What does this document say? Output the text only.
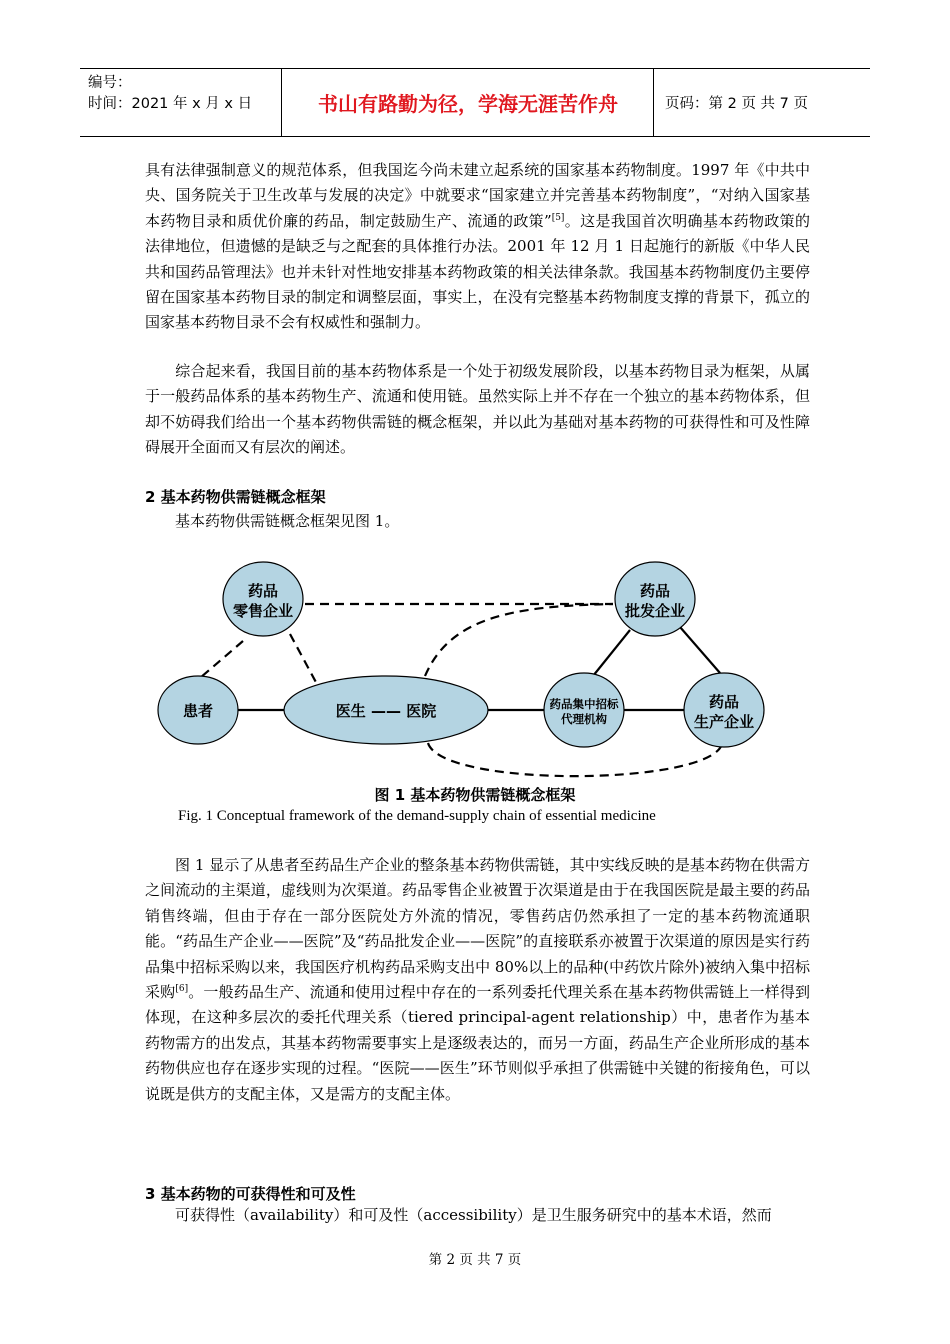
编号：
时间：2021 年 x 月 x 日	书山有路勤为径，学海无涯苦作舟	页码：第 2 页 共 7 页

具有法律强制意义的规范体系，但我国迄今尚未建立起系统的国家基本药物制度。1997 年《中共中央、国务院关于卫生改革与发展的决定》中就要求“国家建立并完善基本药物制度”，“对纳入国家基本药物目录和质优价廉的药品，制定鼓励生产、流通的政策”[5]。这是我国首次明确基本药物政策的法律地位，但遗憾的是缺乏与之配套的具体推行办法。2001 年 12 月 1 日起施行的新版《中华人民共和国药品管理法》也并未针对性地安排基本药物政策的相关法律条款。我国基本药物制度仍主要停留在国家基本药物目录的制定和调整层面，事实上，在没有完整基本药物制度支撑的背景下，孤立的国家基本药物目录不会有权威性和强制力。

　　综合起来看，我国目前的基本药物体系是一个处于初级发展阶段，以基本药物目录为框架，从属于一般药品体系的基本药物生产、流通和使用链。虽然实际上并不存在一个独立的基本药物体系，但却不妨碍我们给出一个基本药物供需链的概念框架，并以此为基础对基本药物的可获得性和可及性障碍展开全面而又有层次的阐述。

2 基本药物供需链概念框架

　　基本药物供需链概念框架见图 1。

药品
零售企业
药品
批发企业
患者	医生 —— 医院	药品集中招标
代理机构
药品
生产企业
图 1 基本药物供需链概念框架
Fig. 1 Conceptual framework of the demand-supply chain of essential medicine

　　图 1 显示了从患者至药品生产企业的整条基本药物供需链，其中实线反映的是基本药物在供需方之间流动的主渠道，虚线则为次渠道。药品零售企业被置于次渠道是由于在我国医院是最主要的药品销售终端，但由于存在一部分医院处方外流的情况，零售药店仍然承担了一定的基本药物流通职能。“药品生产企业——医院”及“药品批发企业——医院”的直接联系亦被置于次渠道的原因是实行药品集中招标采购以来，我国医疗机构药品采购支出中 80%以上的品种(中药饮片除外)被纳入集中招标采购[6]。一般药品生产、流通和使用过程中存在的一系列委托代理关系在基本药物供需链上一样得到体现，在这种多层次的委托代理关系（tiered principal-agent relationship）中，患者作为基本药物需方的出发点，其基本药物需要事实上是逐级表达的，而另一方面，药品生产企业所形成的基本药物供应也存在逐步实现的过程。“医院——医生”环节则似乎承担了供需链中关键的衔接角色，可以说既是供方的支配主体，又是需方的支配主体。

3 基本药物的可获得性和可及性

　　可获得性（availability）和可及性（accessibility）是卫生服务研究中的基本术语，然而

第 2 页 共 7 页
